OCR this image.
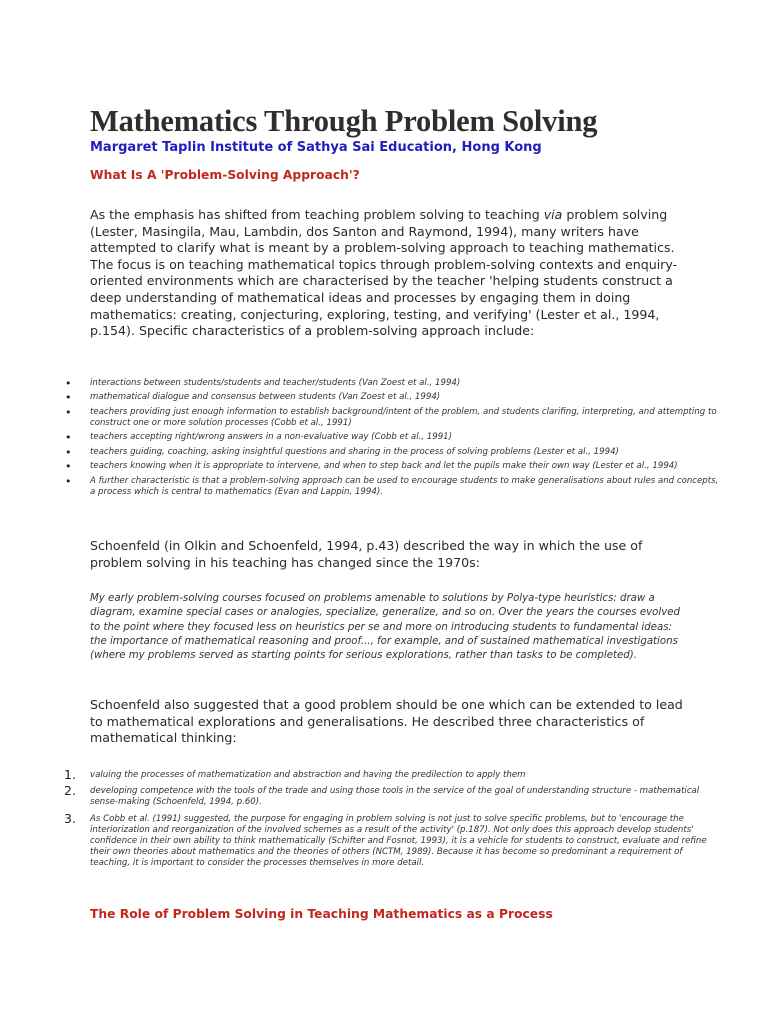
Mathematics Through Problem Solving
Margaret Taplin Institute of Sathya Sai Education, Hong Kong
What Is A 'Problem-Solving Approach'?

As the emphasis has shifted from teaching problem solving to teaching via problem solving (Lester, Masingila, Mau, Lambdin, dos Santon and Raymond, 1994), many writers have attempted to clarify what is meant by a problem-solving approach to teaching mathematics. The focus is on teaching mathematical topics through problem-solving contexts and enquiry-oriented environments which are characterised by the teacher 'helping students construct a deep understanding of mathematical ideas and processes by engaging them in doing mathematics: creating, conjecturing, exploring, testing, and verifying' (Lester et al., 1994, p.154). Specific characteristics of a problem-solving approach include:

• interactions between students/students and teacher/students (Van Zoest et al., 1994)
• mathematical dialogue and consensus between students (Van Zoest et al., 1994)
• teachers providing just enough information to establish background/intent of the problem, and students clarifing, interpreting, and attempting to construct one or more solution processes (Cobb et al., 1991)
• teachers accepting right/wrong answers in a non-evaluative way (Cobb et al., 1991)
• teachers guiding, coaching, asking insightful questions and sharing in the process of solving problems (Lester et al., 1994)
• teachers knowing when it is appropriate to intervene, and when to step back and let the pupils make their own way (Lester et al., 1994)
• A further characteristic is that a problem-solving approach can be used to encourage students to make generalisations about rules and concepts, a process which is central to mathematics (Evan and Lappin, 1994).

Schoenfeld (in Olkin and Schoenfeld, 1994, p.43) described the way in which the use of problem solving in his teaching has changed since the 1970s:

My early problem-solving courses focused on problems amenable to solutions by Polya-type heuristics: draw a diagram, examine special cases or analogies, specialize, generalize, and so on. Over the years the courses evolved to the point where they focused less on heuristics per se and more on introducing students to fundamental ideas: the importance of mathematical reasoning and proof..., for example, and of sustained mathematical investigations (where my problems served as starting points for serious explorations, rather than tasks to be completed).

Schoenfeld also suggested that a good problem should be one which can be extended to lead to mathematical explorations and generalisations. He described three characteristics of mathematical thinking:

1. valuing the processes of mathematization and abstraction and having the predilection to apply them
2. developing competence with the tools of the trade and using those tools in the service of the goal of understanding structure - mathematical sense-making (Schoenfeld, 1994, p.60).
3. As Cobb et al. (1991) suggested, the purpose for engaging in problem solving is not just to solve specific problems, but to 'encourage the interiorization and reorganization of the involved schemes as a result of the activity' (p.187). Not only does this approach develop students' confidence in their own ability to think mathematically (Schifter and Fosnot, 1993), it is a vehicle for students to construct, evaluate and refine their own theories about mathematics and the theories of others (NCTM, 1989). Because it has become so predominant a requirement of teaching, it is important to consider the processes themselves in more detail.
The Role of Problem Solving in Teaching Mathematics as a Process
